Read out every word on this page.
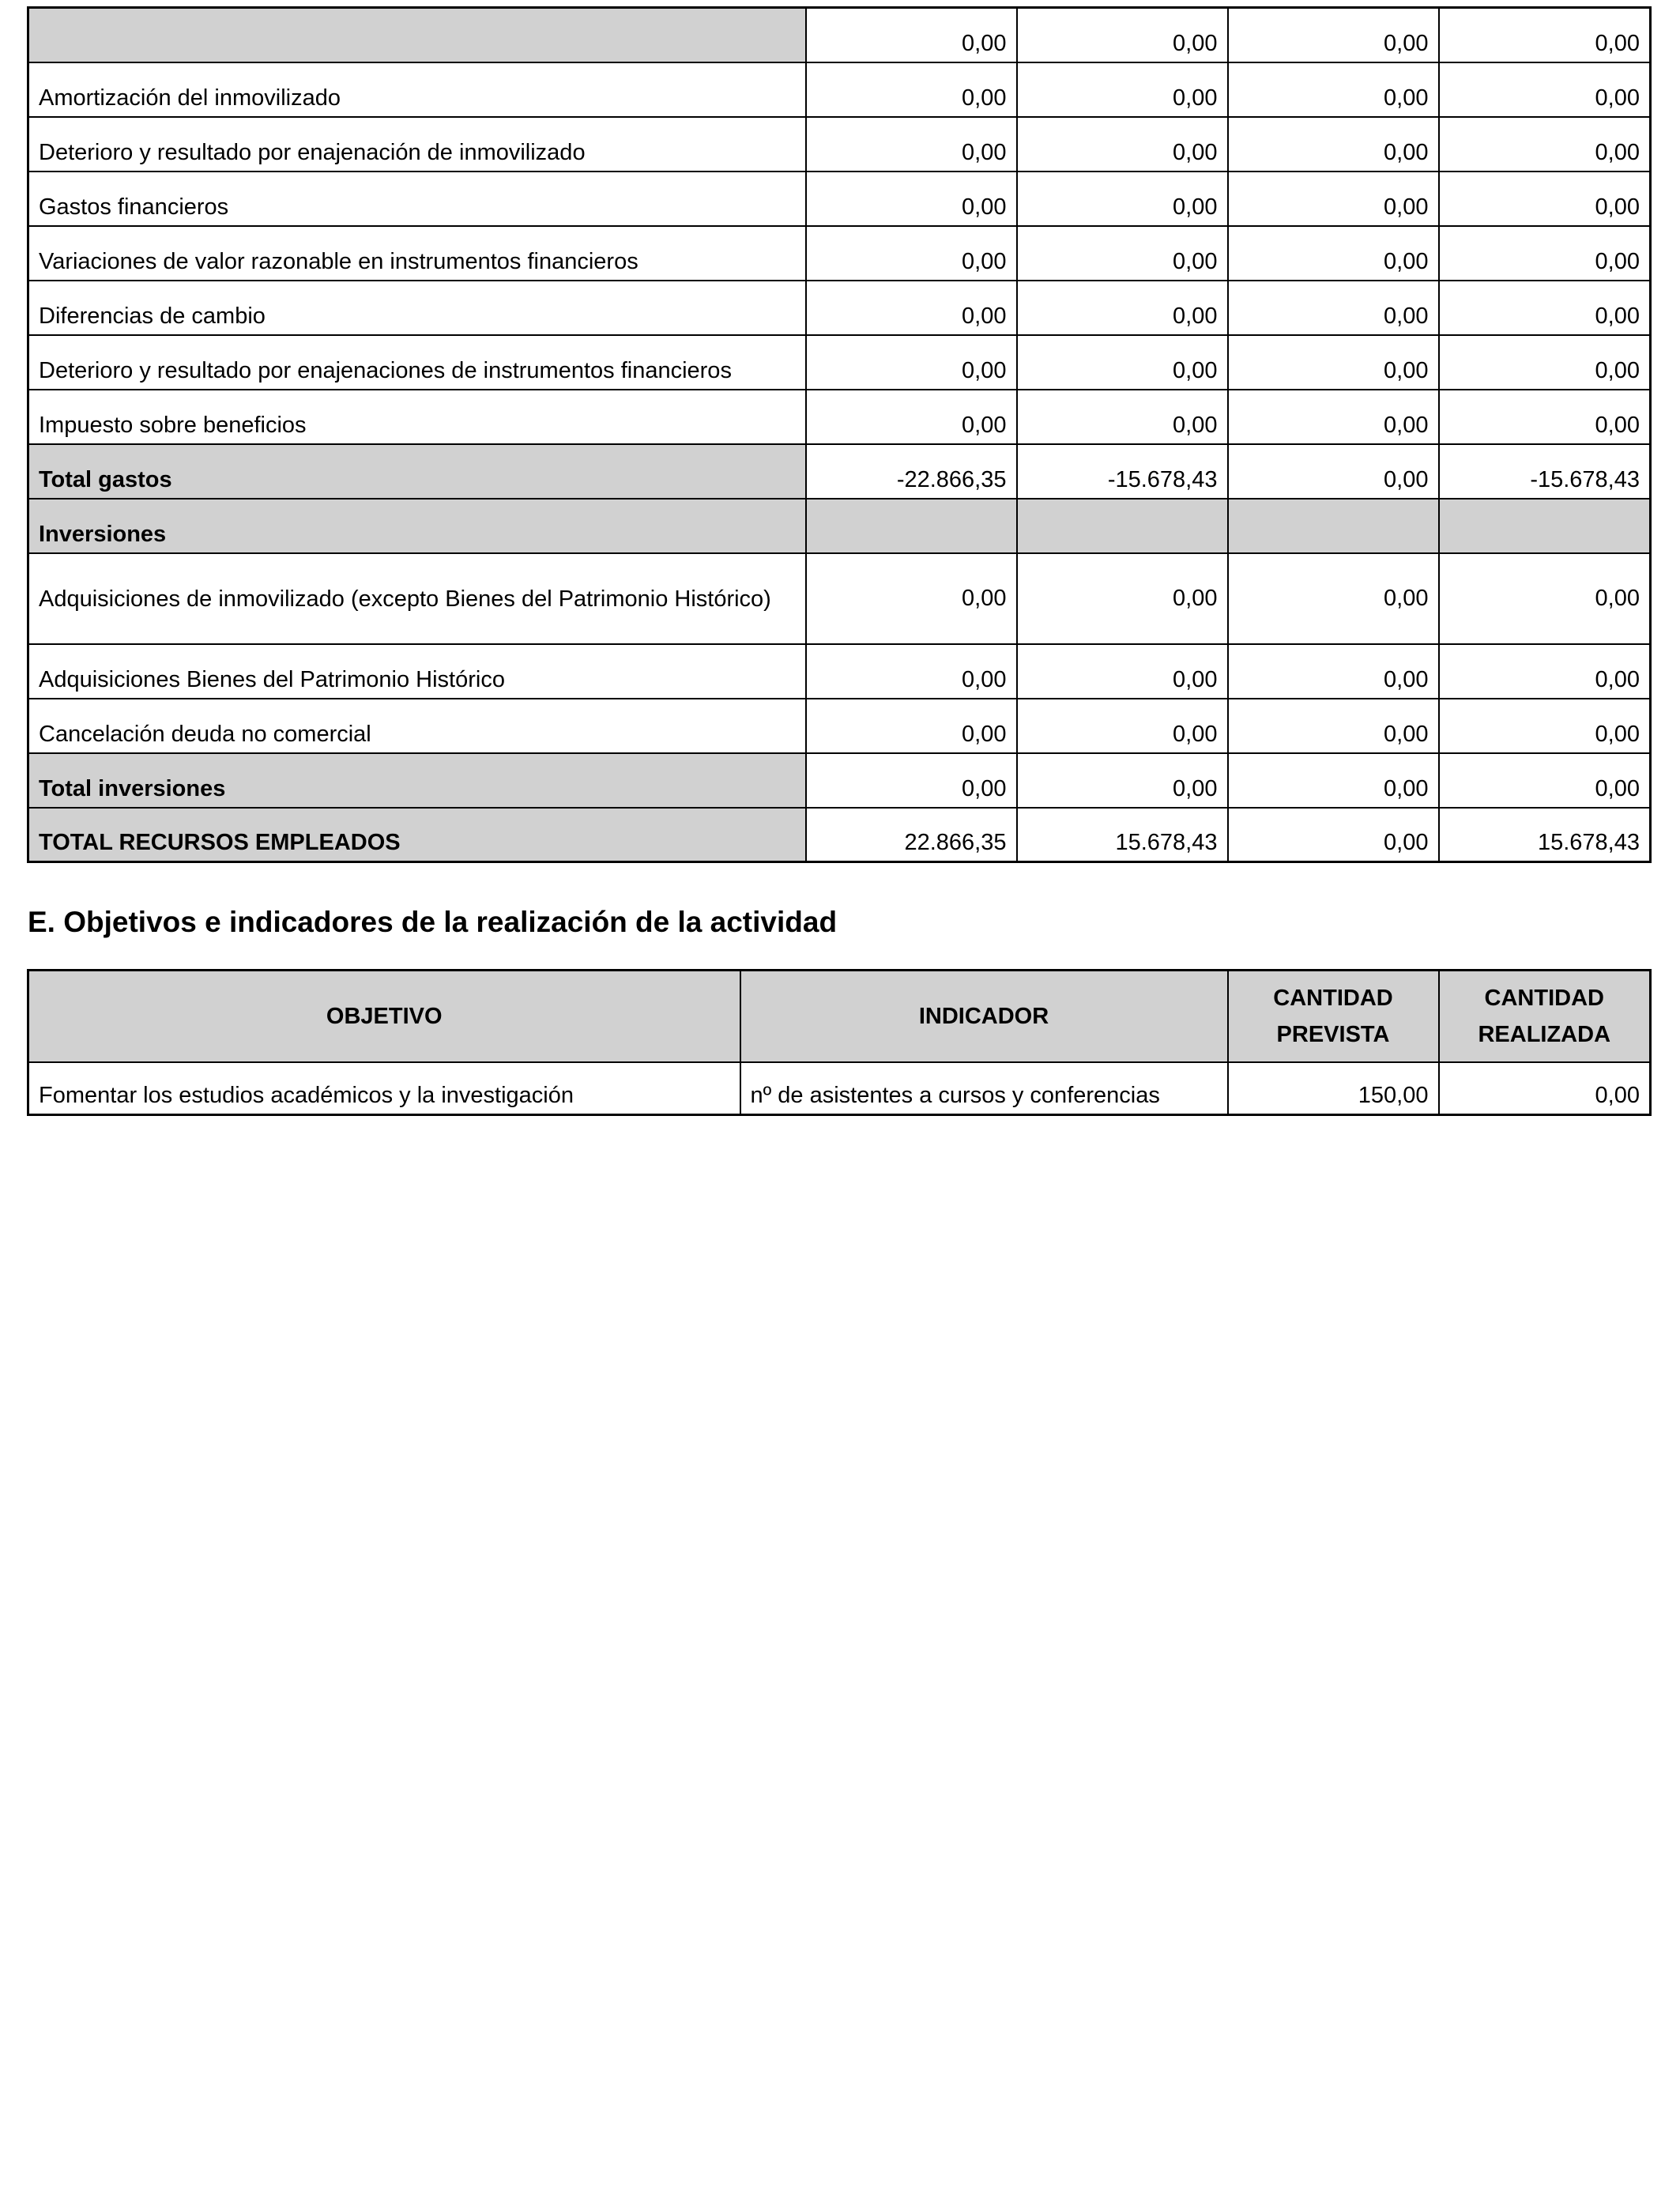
	0,00	0,00	0,00	0,00
Amortización del inmovilizado	0,00	0,00	0,00	0,00
Deterioro y resultado por enajenación de inmovilizado	0,00	0,00	0,00	0,00
Gastos financieros	0,00	0,00	0,00	0,00
Variaciones de valor razonable en instrumentos financieros	0,00	0,00	0,00	0,00
Diferencias de cambio	0,00	0,00	0,00	0,00
Deterioro y resultado por enajenaciones de instrumentos financieros	0,00	0,00	0,00	0,00
Impuesto sobre beneficios	0,00	0,00	0,00	0,00
Total gastos	-22.866,35	-15.678,43	0,00	-15.678,43
Inversiones				
Adquisiciones de inmovilizado (excepto Bienes del Patrimonio Histórico)	0,00	0,00	0,00	0,00
Adquisiciones Bienes del Patrimonio Histórico	0,00	0,00	0,00	0,00
Cancelación deuda no comercial	0,00	0,00	0,00	0,00
Total inversiones	0,00	0,00	0,00	0,00
TOTAL RECURSOS EMPLEADOS	22.866,35	15.678,43	0,00	15.678,43
E. Objetivos e indicadores de la realización de la actividad
OBJETIVO	INDICADOR	CANTIDAD PREVISTA	CANTIDAD REALIZADA
Fomentar los estudios académicos y la investigación	nº de asistentes a cursos y conferencias	150,00	0,00
